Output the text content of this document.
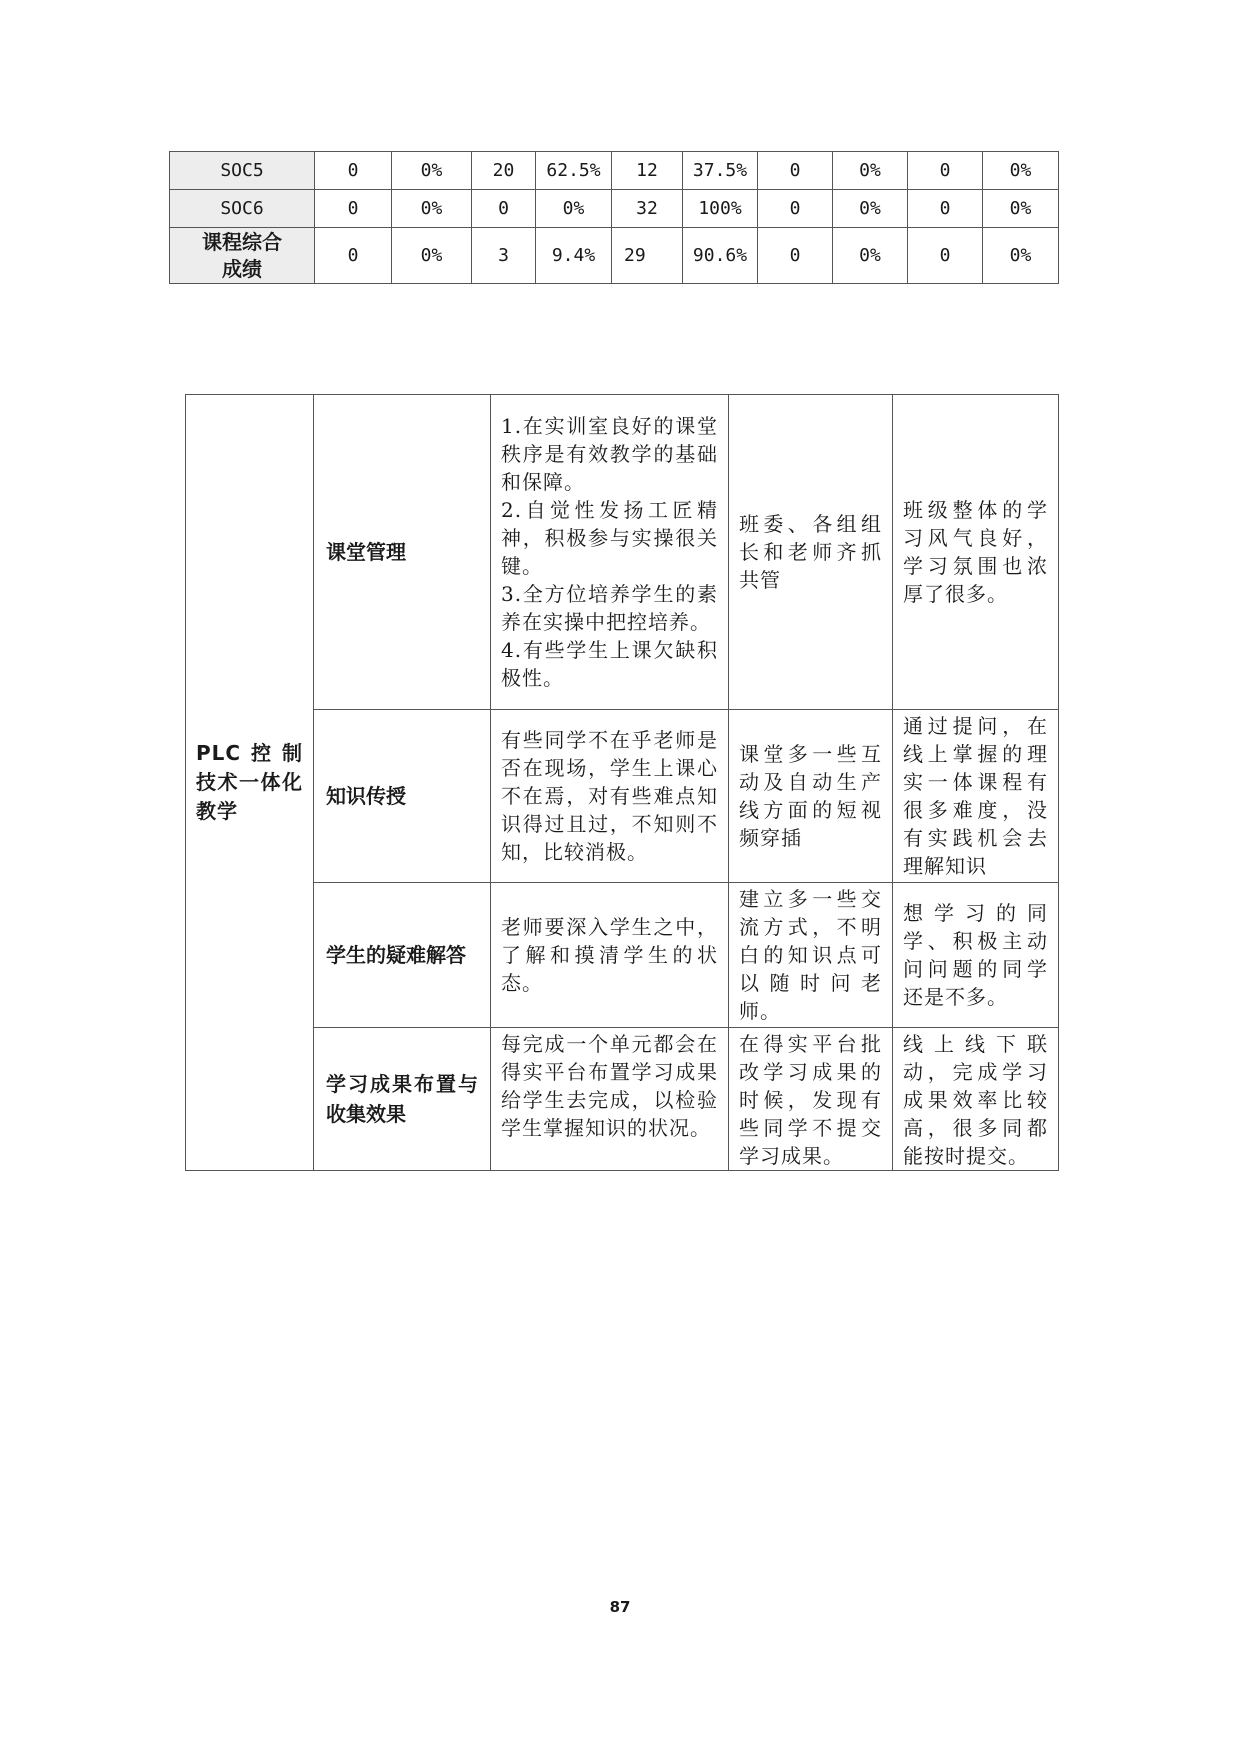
SOC5	0	0%	20	62.5%	12	37.5%	0	0%	0	0%
SOC6	0	0%	0	0%	32	100%	0	0%	0	0%
课程综合成绩	0	0%	3	9.4%	29	90.6%	0	0%	0	0%
PLC控制技术一体化教学	课堂管理	1.在实训室良好的课堂秩序是有效教学的基础和保障。
2.自觉性发扬工匠精神，积极参与实操很关键。
3.全方位培养学生的素养在实操中把控培养。
4.有些学生上课欠缺积极性。	班委、各组组长和老师齐抓共管	班级整体的学习风气良好，学习氛围也浓厚了很多。
	知识传授	有些同学不在乎老师是否在现场，学生上课心不在焉，对有些难点知识得过且过，不知则不知，比较消极。	课堂多一些互动及自动生产线方面的短视频穿插	通过提问，在线上掌握的理实一体课程有很多难度，没有实践机会去理解知识
	学生的疑难解答	老师要深入学生之中，了解和摸清学生的状态。	建立多一些交流方式，不明白的知识点可以随时问老师。	想学习的同学、积极主动问问题的同学还是不多。
	学习成果布置与收集效果	每完成一个单元都会在得实平台布置学习成果给学生去完成，以检验学生掌握知识的状况。	在得实平台批改学习成果的时候，发现有些同学不提交学习成果。	线上线下联动，完成学习成果效率比较高，很多同都能按时提交。
87
